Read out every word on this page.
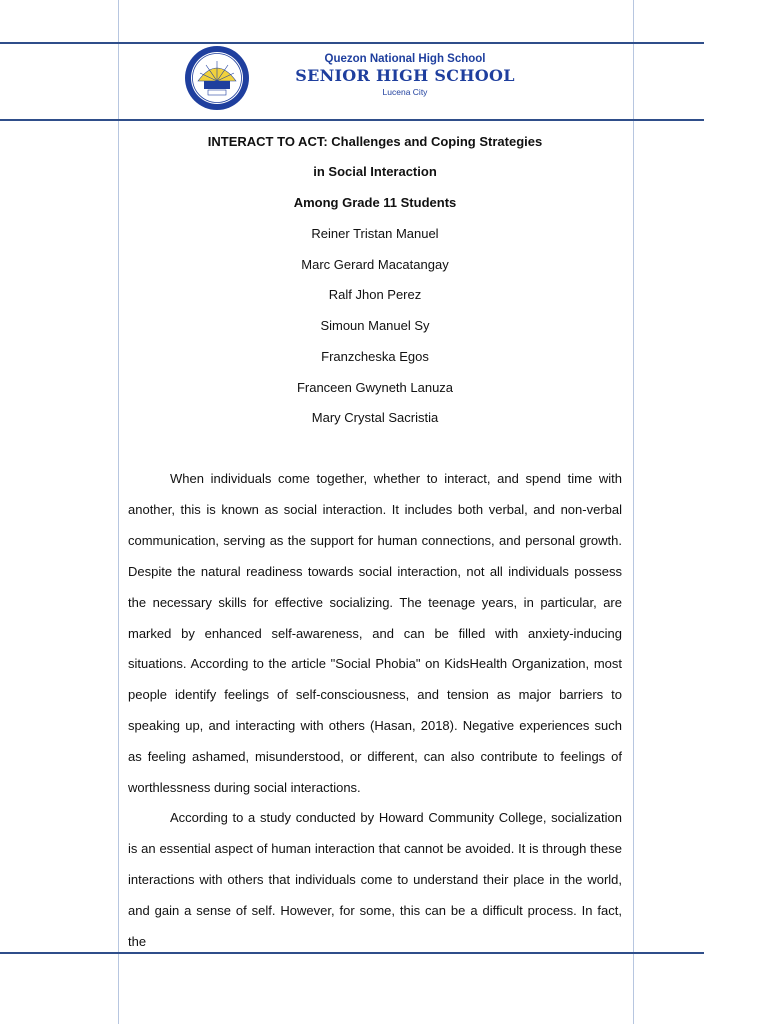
Quezon National High School
SENIOR HIGH SCHOOL
Lucena City
INTERACT TO ACT: Challenges and Coping Strategies
in Social Interaction
Among Grade 11 Students
Reiner Tristan Manuel
Marc Gerard Macatangay
Ralf Jhon Perez
Simoun Manuel Sy
Franzcheska Egos
Franceen Gwyneth Lanuza
Mary Crystal Sacristia

When individuals come together, whether to interact, and spend time with another, this is known as social interaction. It includes both verbal, and non-verbal communication, serving as the support for human connections, and personal growth. Despite the natural readiness towards social interaction, not all individuals possess the necessary skills for effective socializing. The teenage years, in particular, are marked by enhanced self-awareness, and can be filled with anxiety-inducing situations. According to the article "Social Phobia" on KidsHealth Organization, most people identify feelings of self-consciousness, and tension as major barriers to speaking up, and interacting with others (Hasan, 2018). Negative experiences such as feeling ashamed, misunderstood, or different, can also contribute to feelings of worthlessness during social interactions.

According to a study conducted by Howard Community College, socialization is an essential aspect of human interaction that cannot be avoided. It is through these interactions with others that individuals come to understand their place in the world, and gain a sense of self. However, for some, this can be a difficult process. In fact, the
